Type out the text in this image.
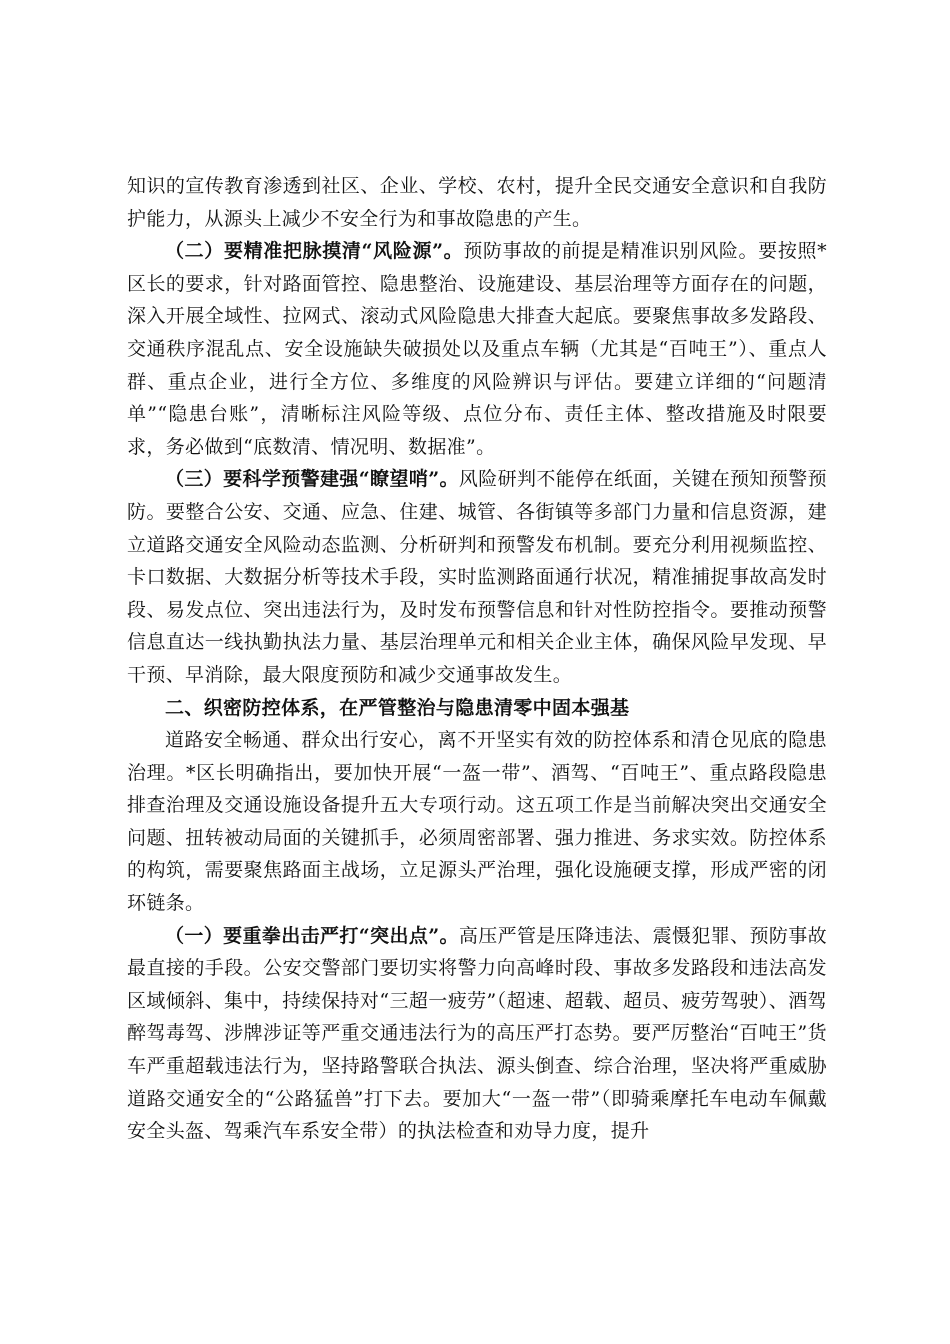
知识的宣传教育渗透到社区、企业、学校、农村，提升全民交通安全意识和自我防护能力，从源头上减少不安全行为和事故隐患的产生。

（二）要精准把脉摸清“风险源”。预防事故的前提是精准识别风险。要按照*区长的要求，针对路面管控、隐患整治、设施建设、基层治理等方面存在的问题，深入开展全域性、拉网式、滚动式风险隐患大排查大起底。要聚焦事故多发路段、交通秩序混乱点、安全设施缺失破损处以及重点车辆（尤其是“百吨王”）、重点人群、重点企业，进行全方位、多维度的风险辨识与评估。要建立详细的“问题清单”“隐患台账”，清晰标注风险等级、点位分布、责任主体、整改措施及时限要求，务必做到“底数清、情况明、数据准”。

（三）要科学预警建强“瞭望哨”。风险研判不能停在纸面，关键在预知预警预防。要整合公安、交通、应急、住建、城管、各街镇等多部门力量和信息资源，建立道路交通安全风险动态监测、分析研判和预警发布机制。要充分利用视频监控、卡口数据、大数据分析等技术手段，实时监测路面通行状况，精准捕捉事故高发时段、易发点位、突出违法行为，及时发布预警信息和针对性防控指令。要推动预警信息直达一线执勤执法力量、基层治理单元和相关企业主体，确保风险早发现、早干预、早消除，最大限度预防和减少交通事故发生。

二、织密防控体系，在严管整治与隐患清零中固本强基

道路安全畅通、群众出行安心，离不开坚实有效的防控体系和清仓见底的隐患治理。*区长明确指出，要加快开展“一盔一带”、酒驾、“百吨王”、重点路段隐患排查治理及交通设施设备提升五大专项行动。这五项工作是当前解决突出交通安全问题、扭转被动局面的关键抓手，必须周密部署、强力推进、务求实效。防控体系的构筑，需要聚焦路面主战场，立足源头严治理，强化设施硬支撑，形成严密的闭环链条。

（一）要重拳出击严打“突出点”。高压严管是压降违法、震慑犯罪、预防事故最直接的手段。公安交警部门要切实将警力向高峰时段、事故多发路段和违法高发区域倾斜、集中，持续保持对“三超一疲劳”（超速、超载、超员、疲劳驾驶）、酒驾醉驾毒驾、涉牌涉证等严重交通违法行为的高压严打态势。要严厉整治“百吨王”货车严重超载违法行为，坚持路警联合执法、源头倒查、综合治理，坚决将严重威胁道路交通安全的“公路猛兽”打下去。要加大“一盔一带”（即骑乘摩托车电动车佩戴安全头盔、驾乘汽车系安全带）的执法检查和劝导力度，提升
